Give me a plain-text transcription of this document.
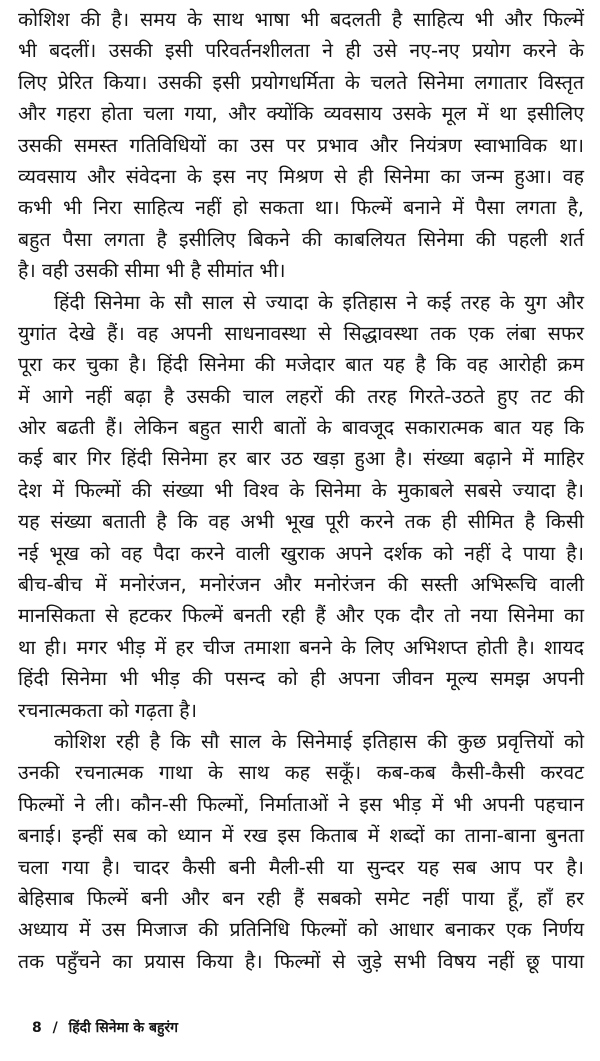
कोशिश की है। समय के साथ भाषा भी बदलती है साहित्य भी और फिल्में
भी बदलीं। उसकी इसी परिवर्तनशीलता ने ही उसे नए-नए प्रयोग करने के
लिए प्रेरित किया। उसकी इसी प्रयोगधर्मिता के चलते सिनेमा लगातार विस्तृत
और गहरा होता चला गया, और क्योंकि व्यवसाय उसके मूल में था इसीलिए
उसकी समस्त गतिविधियों का उस पर प्रभाव और नियंत्रण स्वाभाविक था।
व्यवसाय और संवेदना के इस नए मिश्रण से ही सिनेमा का जन्म हुआ। वह
कभी भी निरा साहित्य नहीं हो सकता था। फिल्में बनाने में पैसा लगता है,
बहुत पैसा लगता है इसीलिए बिकने की काबलियत सिनेमा की पहली शर्त
है। वही उसकी सीमा भी है सीमांत भी।
हिंदी सिनेमा के सौ साल से ज्यादा के इतिहास ने कई तरह के युग और
युगांत देखे हैं। वह अपनी साधनावस्था से सिद्धावस्था तक एक लंबा सफर
पूरा कर चुका है। हिंदी सिनेमा की मजेदार बात यह है कि वह आरोही क्रम
में आगे नहीं बढ़ा है उसकी चाल लहरों की तरह गिरते-उठते हुए तट की
ओर बढती हैं। लेकिन बहुत सारी बातों के बावजूद सकारात्मक बात यह कि
कई बार गिर हिंदी सिनेमा हर बार उठ खड़ा हुआ है। संख्या बढ़ाने में माहिर
देश में फिल्मों की संख्या भी विश्व के सिनेमा के मुकाबले सबसे ज्यादा है।
यह संख्या बताती है कि वह अभी भूख पूरी करने तक ही सीमित है किसी
नई भूख को वह पैदा करने वाली खुराक अपने दर्शक को नहीं दे पाया है।
बीच-बीच में मनोरंजन, मनोरंजन और मनोरंजन की सस्ती अभिरूचि वाली
मानसिकता से हटकर फिल्में बनती रही हैं और एक दौर तो नया सिनेमा का
था ही। मगर भीड़ में हर चीज तमाशा बनने के लिए अभिशप्त होती है। शायद
हिंदी सिनेमा भी भीड़ की पसन्द को ही अपना जीवन मूल्य समझ अपनी
रचनात्मकता को गढ़ता है।
कोशिश रही है कि सौ साल के सिनेमाई इतिहास की कुछ प्रवृत्तियों को
उनकी रचनात्मक गाथा के साथ कह सकूँ। कब-कब कैसी-कैसी करवट
फिल्मों ने ली। कौन-सी फिल्मों, निर्माताओं ने इस भीड़ में भी अपनी पहचान
बनाई। इन्हीं सब को ध्यान में रख इस किताब में शब्दों का ताना-बाना बुनता
चला गया है। चादर कैसी बनी मैली-सी या सुन्दर यह सब आप पर है।
बेहिसाब फिल्में बनी और बन रही हैं सबको समेट नहीं पाया हूँ, हाँ हर
अध्याय में उस मिजाज की प्रतिनिधि फिल्मों को आधार बनाकर एक निर्णय
तक पहुँचने का प्रयास किया है। फिल्मों से जुड़े सभी विषय नहीं छू पाया
8 / हिंदी सिनेमा के बहुरंग
